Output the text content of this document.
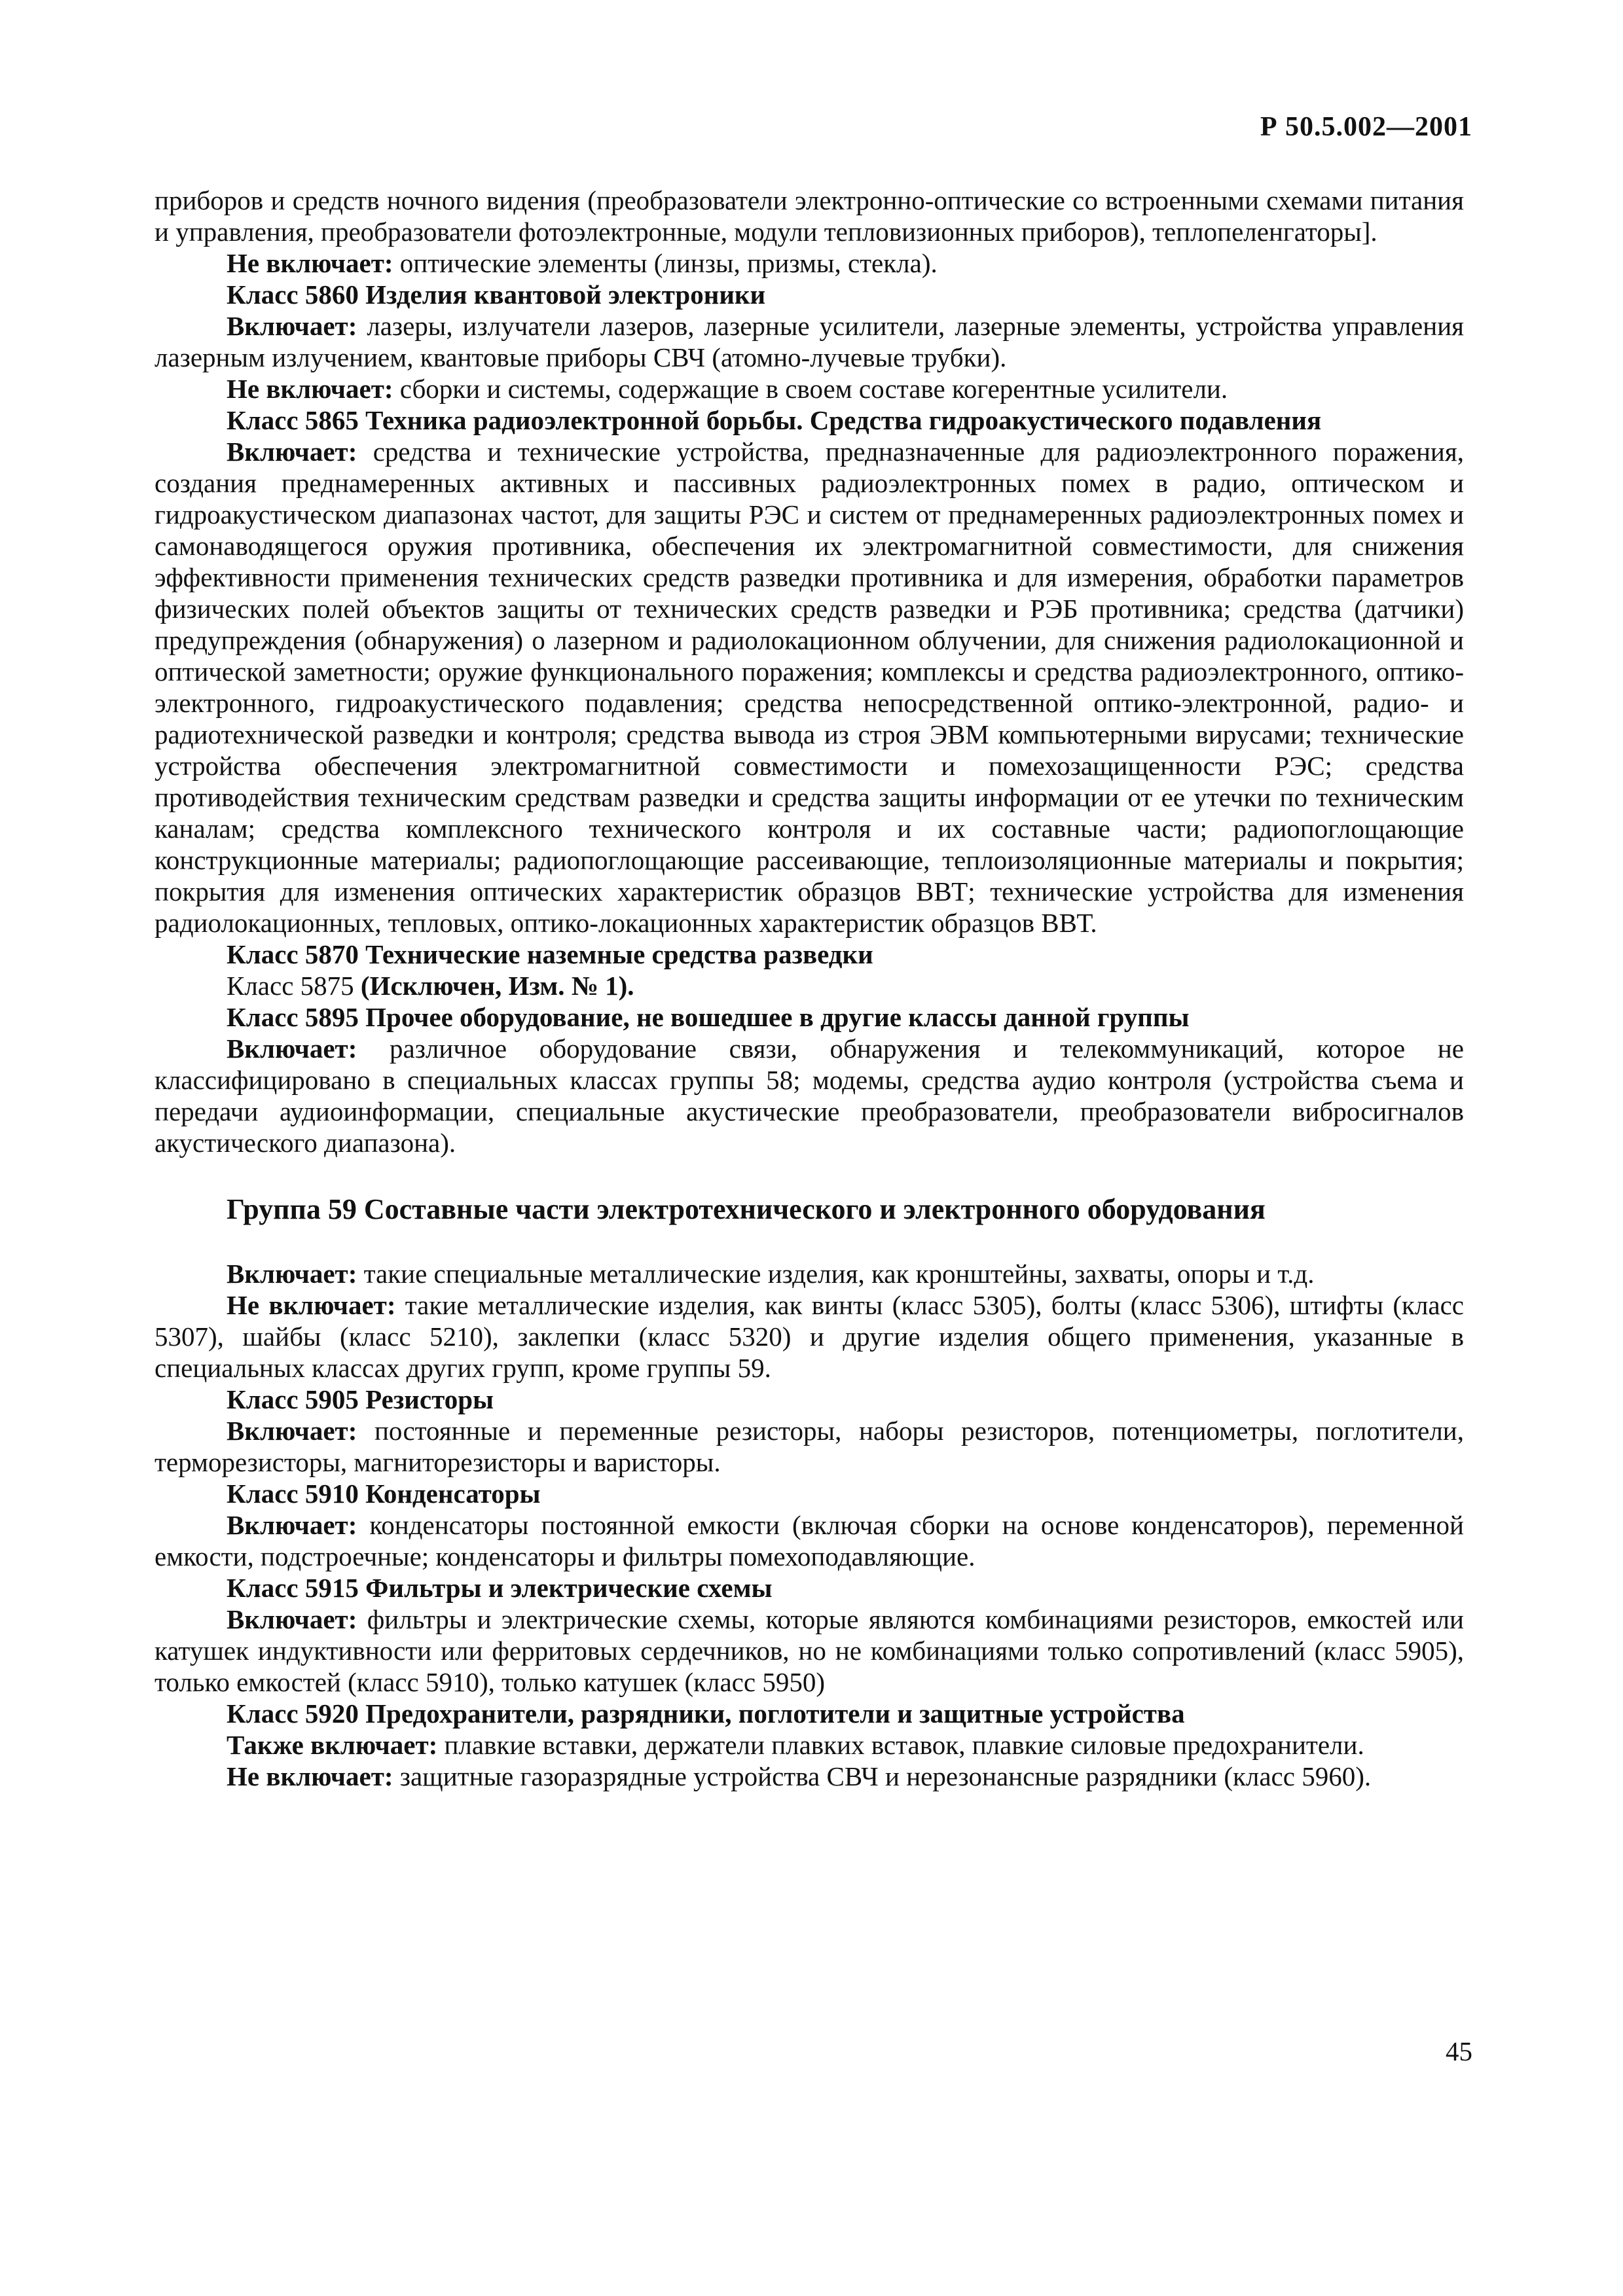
Р 50.5.002—2001

приборов и средств ночного видения (преобразователи электронно-оптические со встроенными схемами питания и управления, преобразователи фотоэлектронные, модули тепловизионных приборов), теплопеленгаторы].

Не включает: оптические элементы (линзы, призмы, стекла).

Класс 5860 Изделия квантовой электроники

Включает: лазеры, излучатели лазеров, лазерные усилители, лазерные элементы, устройства управления лазерным излучением, квантовые приборы СВЧ (атомно-лучевые трубки).

Не включает: сборки и системы, содержащие в своем составе когерентные усилители.

Класс 5865 Техника радиоэлектронной борьбы. Средства гидроакустического подавления

Включает: средства и технические устройства, предназначенные для радиоэлектронного поражения, создания преднамеренных активных и пассивных радиоэлектронных помех в радио, оптическом и гидроакустическом диапазонах частот, для защиты РЭС и систем от преднамеренных радиоэлектронных помех и самонаводящегося оружия противника, обеспечения их электромагнитной совместимости, для снижения эффективности применения технических средств разведки противника и для измерения, обработки параметров физических полей объектов защиты от технических средств разведки и РЭБ противника; средства (датчики) предупреждения (обнаружения) о лазерном и радиолокационном облучении, для снижения радиолокационной и оптической заметности; оружие функционального поражения; комплексы и средства радиоэлектронного, оптико-электронного, гидроакустического подавления; средства непосредственной оптико-электронной, радио- и радиотехнической разведки и контроля; средства вывода из строя ЭВМ компьютерными вирусами; технические устройства обеспечения электромагнитной совместимости и помехозащищенности РЭС; средства противодействия техническим средствам разведки и средства защиты информации от ее утечки по техническим каналам; средства комплексного технического контроля и их составные части; радиопоглощающие конструкционные материалы; радиопоглощающие рассеивающие, теплоизоляционные материалы и покрытия; покрытия для изменения оптических характеристик образцов ВВТ; технические устройства для изменения радиолокационных, тепловых, оптико-локационных характеристик образцов ВВТ.

Класс 5870 Технические наземные средства разведки

Класс 5875 (Исключен, Изм. № 1).

Класс 5895 Прочее оборудование, не вошедшее в другие классы данной группы

Включает: различное оборудование связи, обнаружения и телекоммуникаций, которое не классифицировано в специальных классах группы 58; модемы, средства аудио контроля (устройства съема и передачи аудиоинформации, специальные акустические преобразователи, преобразователи вибросигналов акустического диапазона).

Группа 59 Составные части электротехнического и электронного оборудования

Включает: такие специальные металлические изделия, как кронштейны, захваты, опоры и т.д.

Не включает: такие металлические изделия, как винты (класс 5305), болты (класс 5306), штифты (класс 5307), шайбы (класс 5210), заклепки (класс 5320) и другие изделия общего применения, указанные в специальных классах других групп, кроме группы 59.

Класс 5905 Резисторы

Включает: постоянные и переменные резисторы, наборы резисторов, потенциометры, поглотители, терморезисторы, магниторезисторы и варисторы.

Класс 5910 Конденсаторы

Включает: конденсаторы постоянной емкости (включая сборки на основе конденсаторов), переменной емкости, подстроечные; конденсаторы и фильтры помехоподавляющие.

Класс 5915 Фильтры и электрические схемы

Включает: фильтры и электрические схемы, которые являются комбинациями резисторов, емкостей или катушек индуктивности или ферритовых сердечников, но не комбинациями только сопротивлений (класс 5905), только емкостей (класс 5910), только катушек (класс 5950)

Класс 5920 Предохранители, разрядники, поглотители и защитные устройства

Также включает: плавкие вставки, держатели плавких вставок, плавкие силовые предохранители.

Не включает: защитные газоразрядные устройства СВЧ и нерезонансные разрядники (класс 5960).

45
